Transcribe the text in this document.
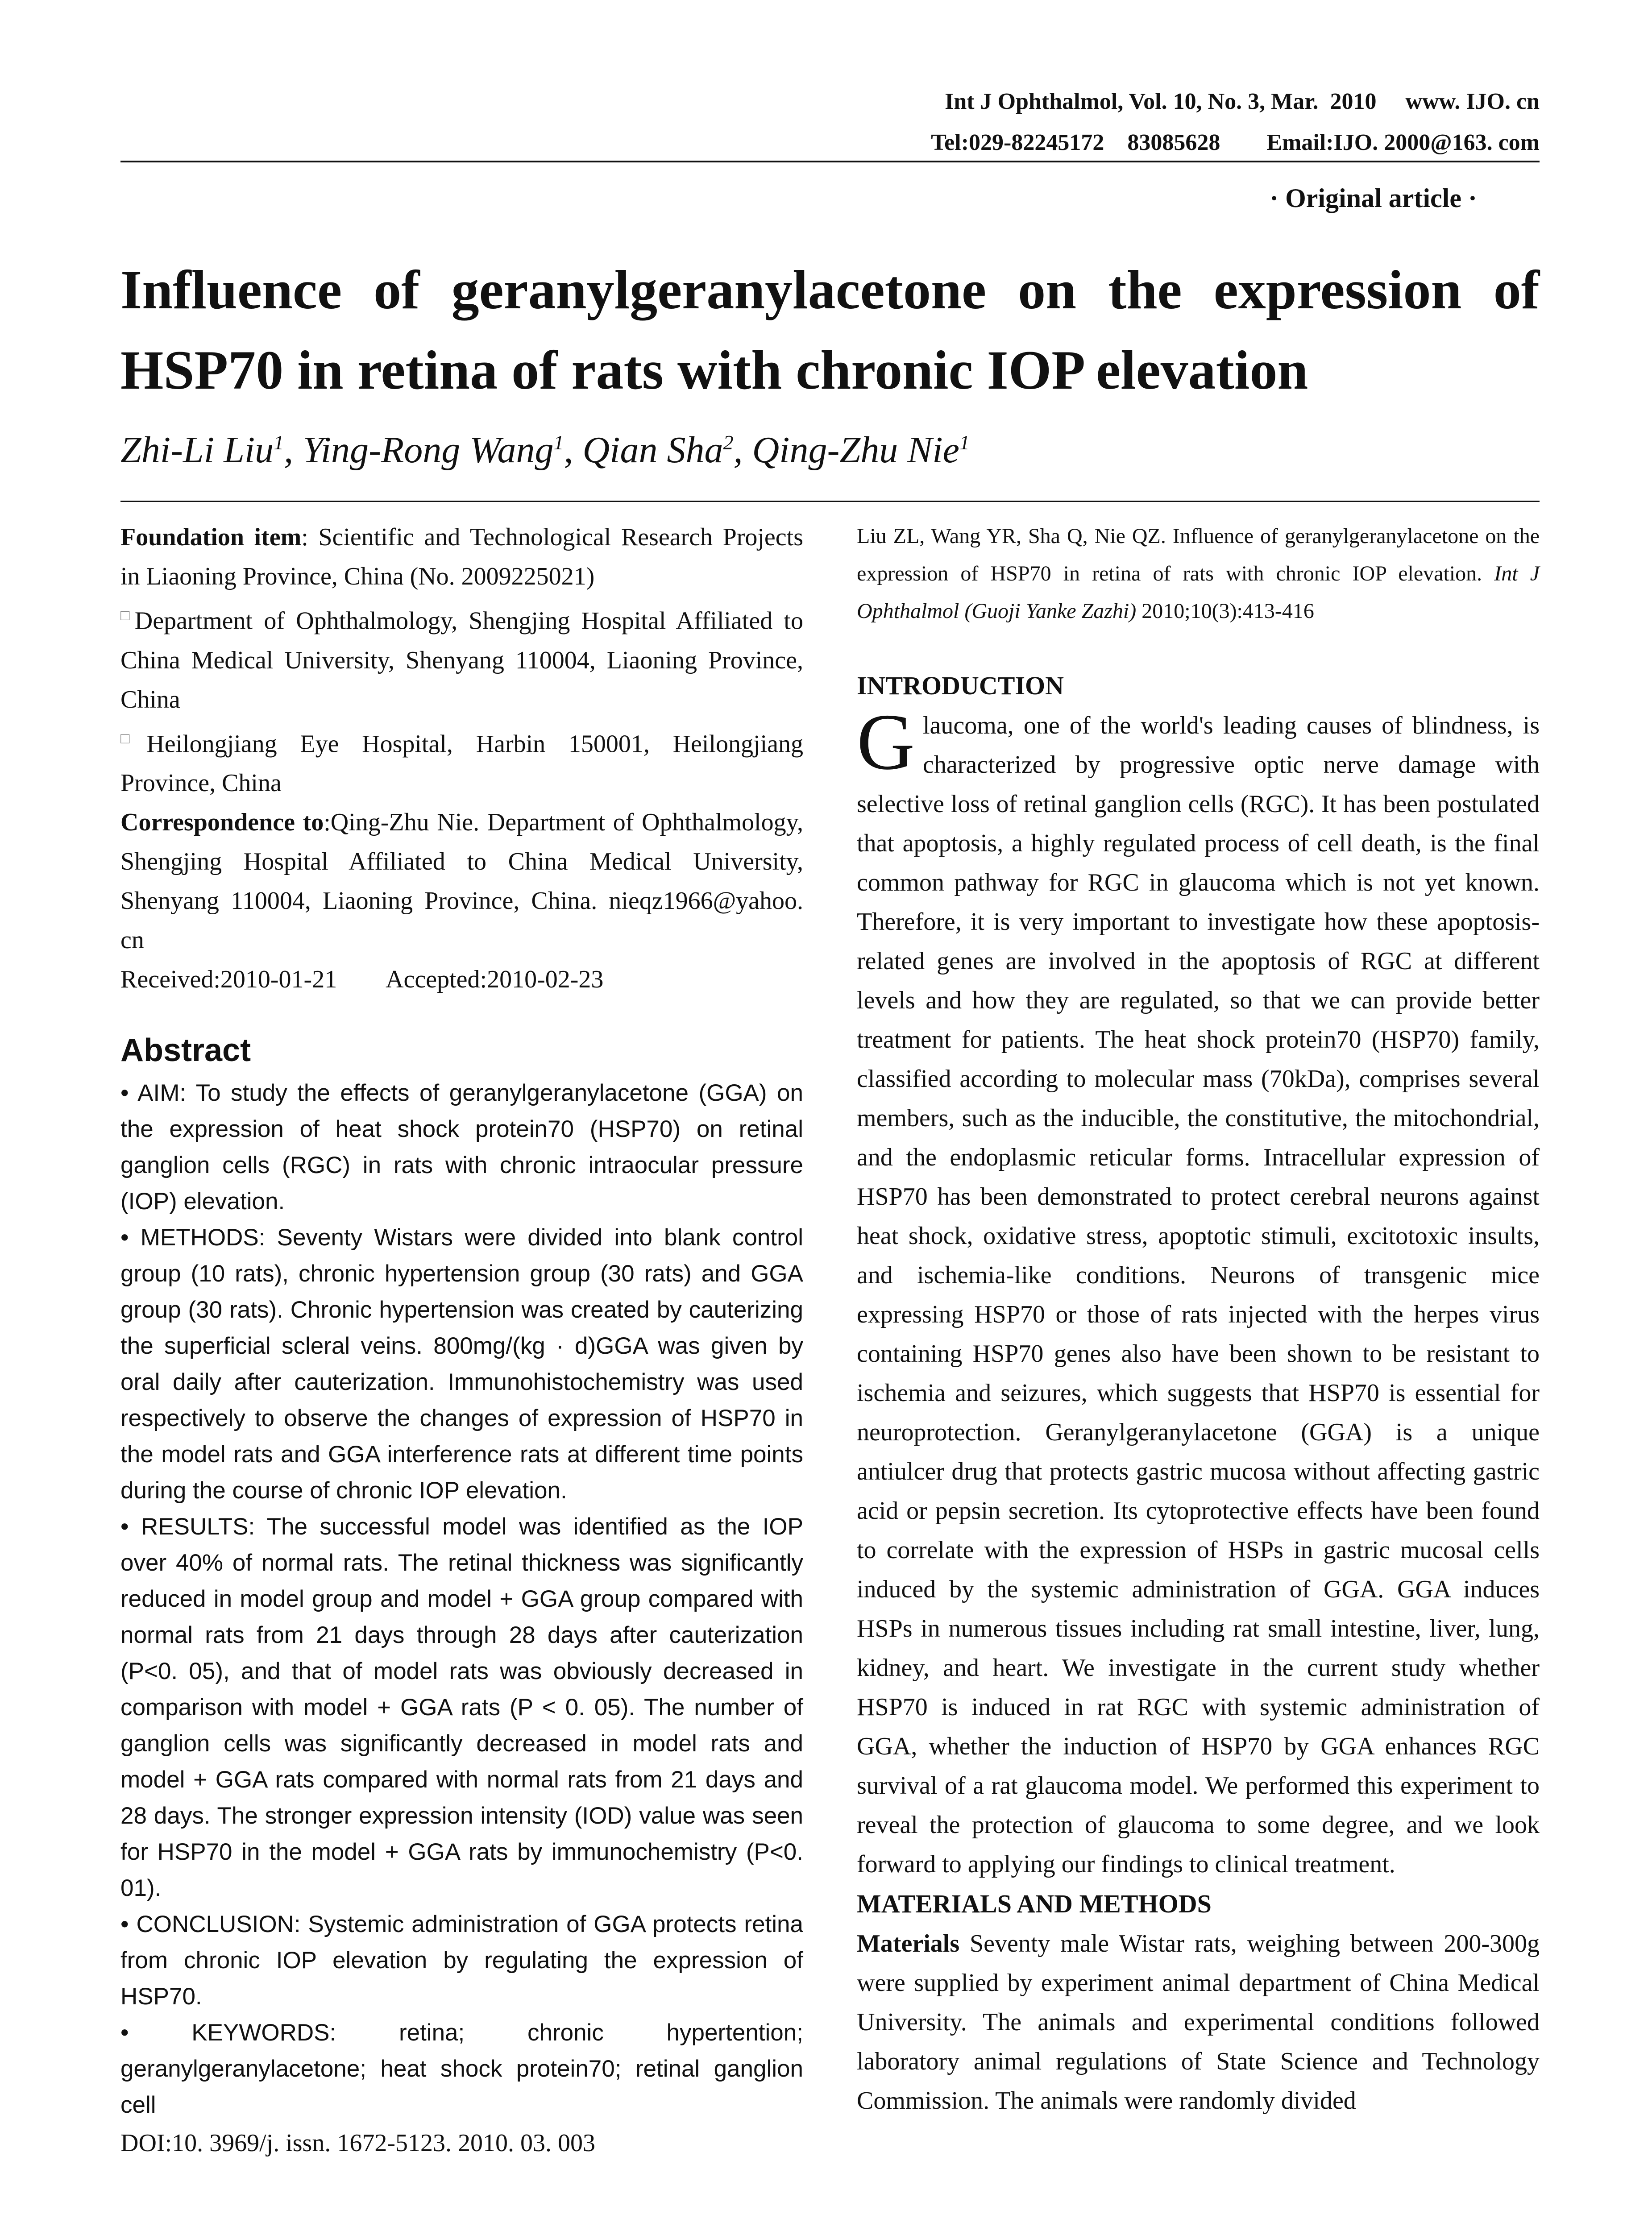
Int J Ophthalmol, Vol. 10, No. 3, Mar.  2010     www. IJO. cn
Tel:029-82245172    83085628        Email:IJO. 2000@163. com
· Original article ·
Influence of geranylgeranylacetone on the expression of
HSP70 in retina of rats with chronic IOP elevation
Zhi-Li Liu$^1$, Ying-Rong Wang$^1$, Qian Sha$^2$, Qing-Zhu Nie$^1$

Foundation item: Scientific and Technological Research Projects in Liaoning Province, China (No. 2009225021)

□Department of Ophthalmology, Shengjing Hospital Affiliated to China Medical University, Shenyang 110004, Liaoning Province, China

□Heilongjiang Eye Hospital, Harbin 150001, Heilongjiang Province, China

Correspondence to:Qing-Zhu Nie. Department of Ophthalmology, Shengjing Hospital Affiliated to China Medical University, Shenyang 110004, Liaoning Province, China. nieqz1966@yahoo. cn

Received:2010-01-21 Accepted:2010-02-23

Abstract

• AIM: To study the effects of geranylgeranylacetone (GGA) on the expression of heat shock protein70 (HSP70) on retinal ganglion cells (RGC) in rats with chronic intraocular pressure (IOP) elevation.

• METHODS: Seventy Wistars were divided into blank control group (10 rats), chronic hypertension group (30 rats) and GGA group (30 rats). Chronic hypertension was created by cauterizing the superficial scleral veins. 800mg/(kg · d)GGA was given by oral daily after cauterization. Immunohistochemistry was used respectively to observe the changes of expression of HSP70 in the model rats and GGA interference rats at different time points during the course of chronic IOP elevation.

• RESULTS: The successful model was identified as the IOP over 40% of normal rats. The retinal thickness was significantly reduced in model group and model + GGA group compared with normal rats from 21 days through 28 days after cauterization (P<0. 05), and that of model rats was obviously decreased in comparison with model + GGA rats (P < 0. 05). The number of ganglion cells was significantly decreased in model rats and model + GGA rats compared with normal rats from 21 days and 28 days. The stronger expression intensity (IOD) value was seen for HSP70 in the model + GGA rats by immunochemistry (P<0. 01).

• CONCLUSION: Systemic administration of GGA protects retina from chronic IOP elevation by regulating the expression of HSP70.

• KEYWORDS: retina; chronic hypertention; geranylgeranylacetone; heat shock protein70; retinal ganglion cell

DOI:10. 3969/j. issn. 1672-5123. 2010. 03. 003

Liu ZL, Wang YR, Sha Q, Nie QZ. Influence of geranylgeranylacetone on the expression of HSP70 in retina of rats with chronic IOP elevation. Int J Ophthalmol (Guoji Yanke Zazhi) 2010;10(3):413-416

INTRODUCTION

Glaucoma, one of the world's leading causes of blindness, is characterized by progressive optic nerve damage with selective loss of retinal ganglion cells (RGC). It has been postulated that apoptosis, a highly regulated process of cell death, is the final common pathway for RGC in glaucoma which is not yet known. Therefore, it is very important to investigate how these apoptosis-related genes are involved in the apoptosis of RGC at different levels and how they are regulated, so that we can provide better treatment for patients. The heat shock protein70 (HSP70) family, classified according to molecular mass (70kDa), comprises several members, such as the inducible, the constitutive, the mitochondrial, and the endoplasmic reticular forms. Intracellular expression of HSP70 has been demonstrated to protect cerebral neurons against heat shock, oxidative stress, apoptotic stimuli, excitotoxic insults, and ischemia-like conditions. Neurons of transgenic mice expressing HSP70 or those of rats injected with the herpes virus containing HSP70 genes also have been shown to be resistant to ischemia and seizures, which suggests that HSP70 is essential for neuroprotection. Geranylgeranylacetone (GGA) is a unique antiulcer drug that protects gastric mucosa without affecting gastric acid or pepsin secretion. Its cytoprotective effects have been found to correlate with the expression of HSPs in gastric mucosal cells induced by the systemic administration of GGA. GGA induces HSPs in numerous tissues including rat small intestine, liver, lung, kidney, and heart. We investigate in the current study whether HSP70 is induced in rat RGC with systemic administration of GGA, whether the induction of HSP70 by GGA enhances RGC survival of a rat glaucoma model. We performed this experiment to reveal the protection of glaucoma to some degree, and we look forward to applying our findings to clinical treatment.

MATERIALS AND METHODS

Materials Seventy male Wistar rats, weighing between 200-300g were supplied by experiment animal department of China Medical University. The animals and experimental conditions followed laboratory animal regulations of State Science and Technology Commission. The animals were randomly divided
